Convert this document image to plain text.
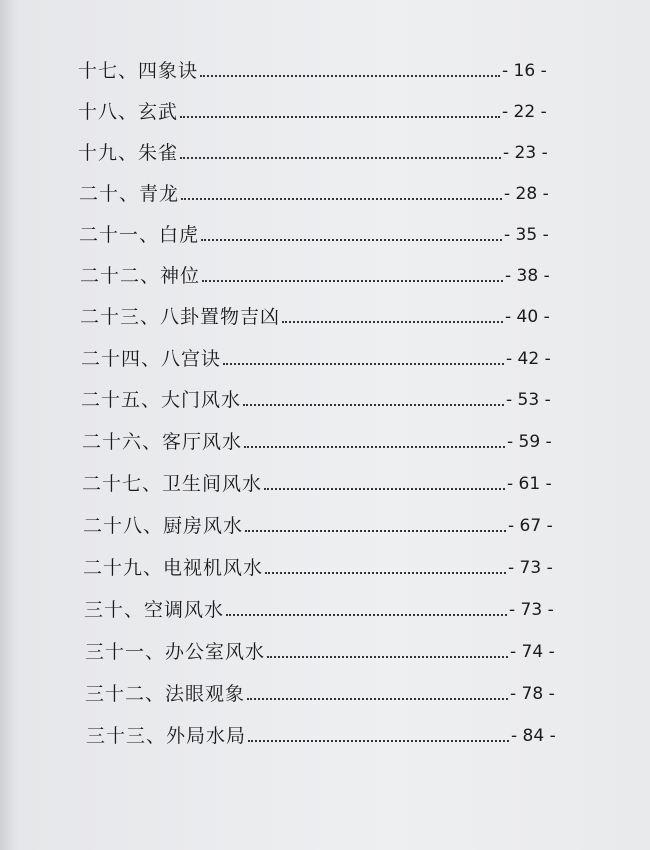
十七、四象诀	- 16 -
十八、玄武	- 22 -
十九、朱雀	- 23 -
二十、青龙	- 28 -
二十一、白虎	- 35 -
二十二、神位	- 38 -
二十三、八卦置物吉凶	- 40 -
二十四、八宫诀	- 42 -
二十五、大门风水	- 53 -
二十六、客厅风水	- 59 -
二十七、卫生间风水	- 61 -
二十八、厨房风水	- 67 -
二十九、电视机风水	- 73 -
三十、空调风水	- 73 -
三十一、办公室风水	- 74 -
三十二、法眼观象	- 78 -
三十三、外局水局	- 84 -
